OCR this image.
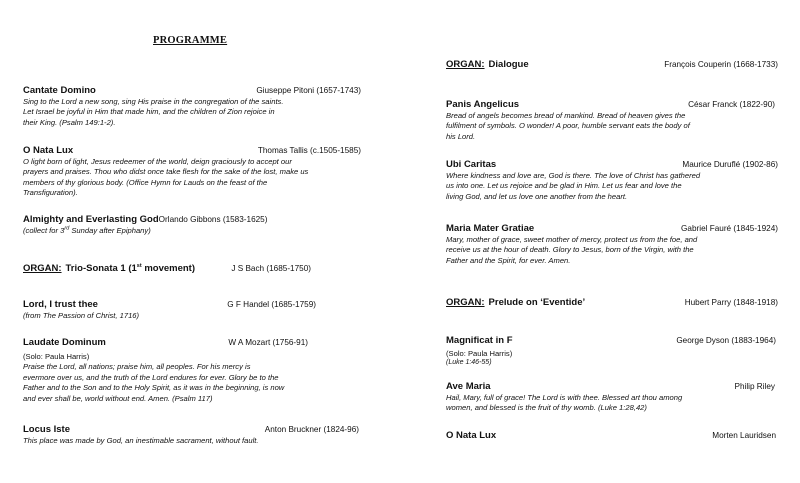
PROGRAMME
Cantate Domino	Giuseppe Pitoni (1657-1743)
Sing to the Lord a new song, sing His praise in the congregation of the saints.
Let Israel be joyful in Him that made him, and the children of Zion rejoice in
their King. (Psalm 149:1-2).
O Nata Lux	Thomas Tallis (c.1505-1585)
O light born of light, Jesus redeemer of the world, deign graciously to accept our
prayers and praises. Thou who didst once take flesh for the sake of the lost, make us
members of thy glorious body. (Office Hymn for Lauds on the feast of the
Transfiguration).
Almighty and Everlasting God Orlando Gibbons (1583-1625)
(collect for 3rd Sunday after Epiphany)
ORGAN: Trio-Sonata 1 (1st movement)	J S Bach (1685-1750)
Lord, I trust thee	G F Handel (1685-1759)
(from The Passion of Christ, 1716)
Laudate Dominum	W A Mozart (1756-91)
(Solo: Paula Harris)
Praise the Lord, all nations; praise him, all peoples. For his mercy is
evermore over us, and the truth of the Lord endures for ever. Glory be to the
Father and to the Son and to the Holy Spirit, as it was in the beginning, is now
and ever shall be, world without end. Amen. (Psalm 117)
Locus Iste	Anton Bruckner (1824-96)
This place was made by God, an inestimable sacrament, without fault.
ORGAN: Dialogue	François Couperin (1668-1733)
Panis Angelicus	César Franck (1822-90)
Bread of angels becomes bread of mankind. Bread of heaven gives the
fulfilment of symbols. O wonder! A poor, humble servant eats the body of
his Lord.
Ubi Caritas	Maurice Duruflé (1902-86)
Where kindness and love are, God is there. The love of Christ has gathered
us into one. Let us rejoice and be glad in Him. Let us fear and love the
living God, and let us love one another from the heart.
Maria Mater Gratiae	Gabriel Fauré (1845-1924)
Mary, mother of grace, sweet mother of mercy, protect us from the foe, and
receive us at the hour of death. Glory to Jesus, born of the Virgin, with the
Father and the Spirit, for ever. Amen.
ORGAN: Prelude on ‘Eventide’	Hubert Parry (1848-1918)
Magnificat in F	George Dyson (1883-1964)
(Solo: Paula Harris)
(Luke 1:46-55)
Ave Maria	Philip Riley
Hail, Mary, full of grace! The Lord is with thee. Blessed art thou among
women, and blessed is the fruit of thy womb. (Luke 1:28,42)
O Nata Lux	Morten Lauridsen
